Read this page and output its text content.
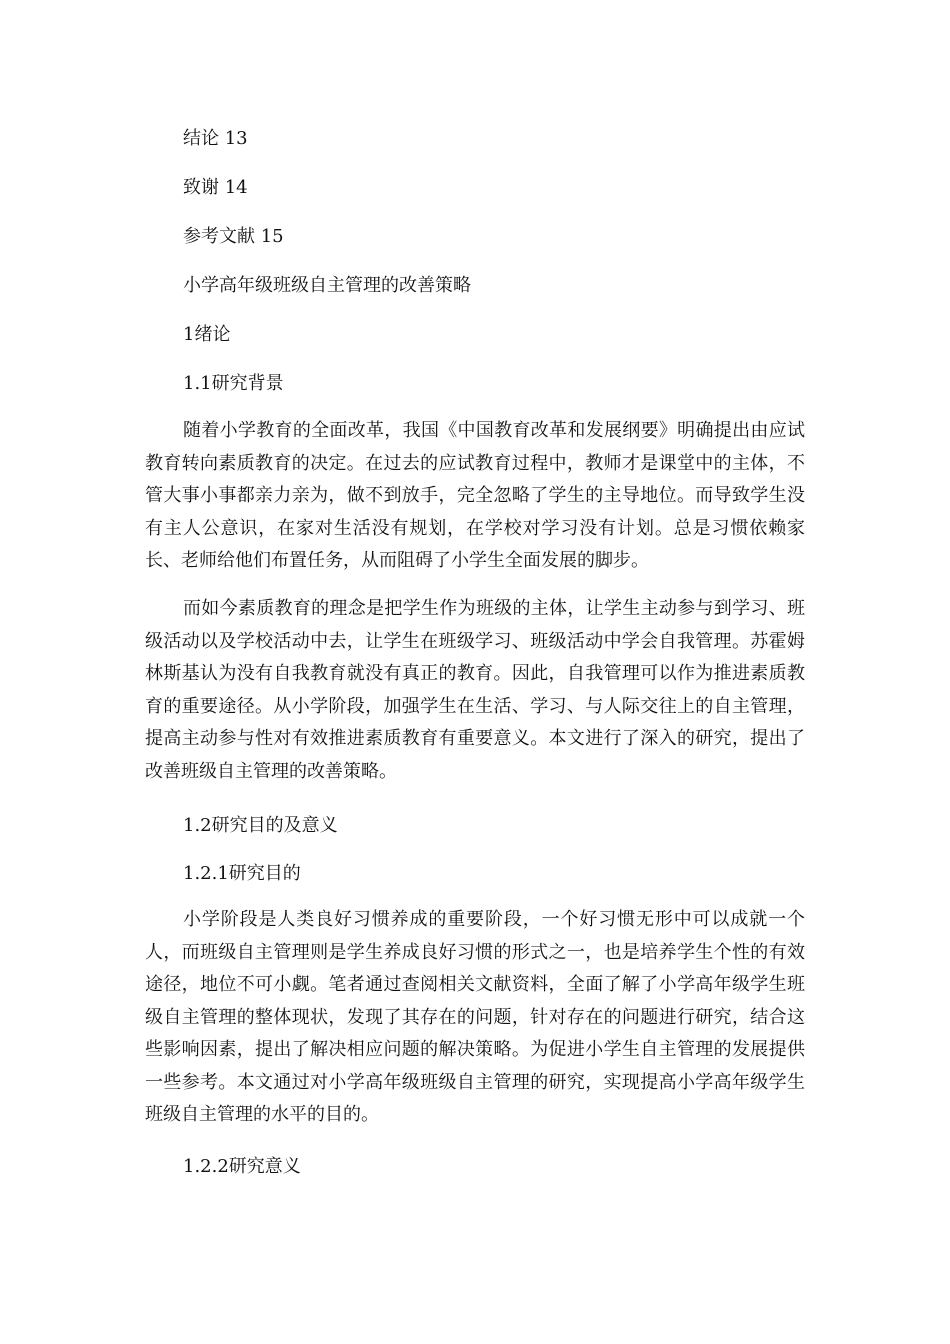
结论 13

致谢 14

参考文献 15

小学高年级班级自主管理的改善策略

1绪论

1.1研究背景

随着小学教育的全面改革，我国《中国教育改革和发展纲要》明确提出由应试教育转向素质教育的决定。在过去的应试教育过程中，教师才是课堂中的主体，不管大事小事都亲力亲为，做不到放手，完全忽略了学生的主导地位。而导致学生没有主人公意识，在家对生活没有规划，在学校对学习没有计划。总是习惯依赖家长、老师给他们布置任务，从而阻碍了小学生全面发展的脚步。

而如今素质教育的理念是把学生作为班级的主体，让学生主动参与到学习、班级活动以及学校活动中去，让学生在班级学习、班级活动中学会自我管理。苏霍姆林斯基认为没有自我教育就没有真正的教育。因此，自我管理可以作为推进素质教育的重要途径。从小学阶段，加强学生在生活、学习、与人际交往上的自主管理，提高主动参与性对有效推进素质教育有重要意义。本文进行了深入的研究，提出了改善班级自主管理的改善策略。

1.2研究目的及意义

1.2.1研究目的

小学阶段是人类良好习惯养成的重要阶段，一个好习惯无形中可以成就一个人，而班级自主管理则是学生养成良好习惯的形式之一，也是培养学生个性的有效途径，地位不可小觑。笔者通过查阅相关文献资料，全面了解了小学高年级学生班级自主管理的整体现状，发现了其存在的问题，针对存在的问题进行研究，结合这些影响因素，提出了解决相应问题的解决策略。为促进小学生自主管理的发展提供一些参考。本文通过对小学高年级班级自主管理的研究，实现提高小学高年级学生班级自主管理的水平的目的。

1.2.2研究意义
